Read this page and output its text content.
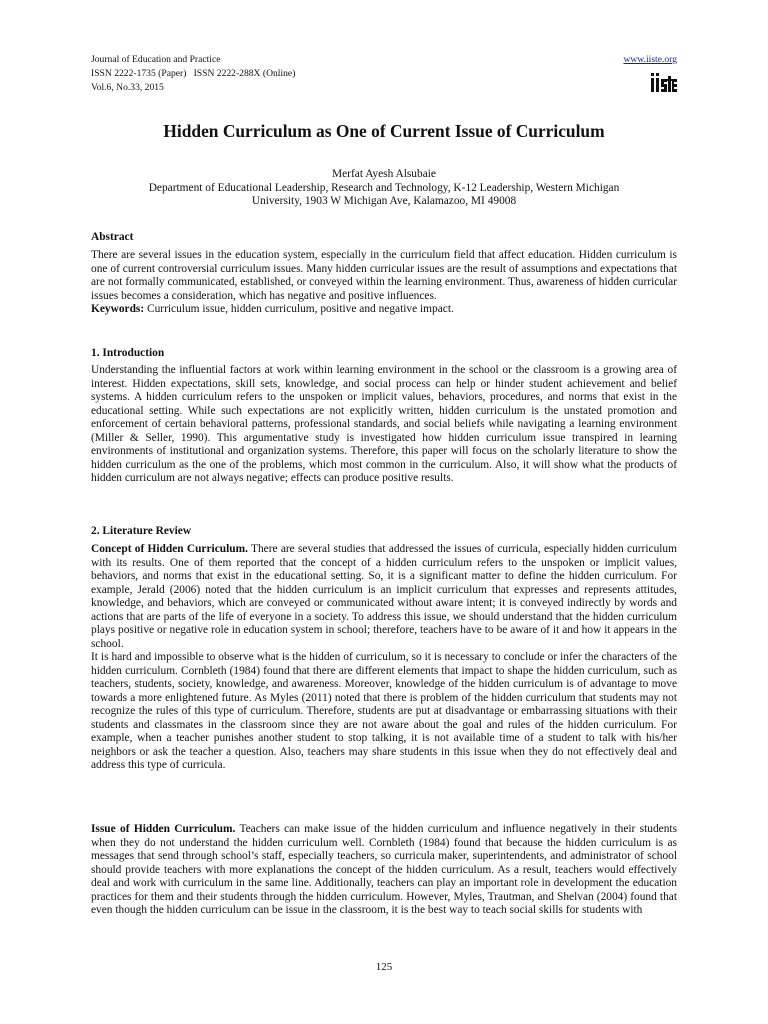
Journal of Education and Practice
ISSN 2222-1735 (Paper)   ISSN 2222-288X (Online)
Vol.6, No.33, 2015
www.iiste.org
Hidden Curriculum as One of Current Issue of Curriculum
Merfat Ayesh Alsubaie
Department of Educational Leadership, Research and Technology, K-12 Leadership, Western Michigan
University, 1903 W Michigan Ave, Kalamazoo, MI 49008
Abstract

There are several issues in the education system, especially in the curriculum field that affect education. Hidden curriculum is one of current controversial curriculum issues. Many hidden curricular issues are the result of assumptions and expectations that are not formally communicated, established, or conveyed within the learning environment. Thus, awareness of hidden curricular issues becomes a consideration, which has negative and positive influences.

Keywords: Curriculum issue, hidden curriculum, positive and negative impact.

1. Introduction

Understanding the influential factors at work within learning environment in the school or the classroom is a growing area of interest. Hidden expectations, skill sets, knowledge, and social process can help or hinder student achievement and belief systems. A hidden curriculum refers to the unspoken or implicit values, behaviors, procedures, and norms that exist in the educational setting. While such expectations are not explicitly written, hidden curriculum is the unstated promotion and enforcement of certain behavioral patterns, professional standards, and social beliefs while navigating a learning environment (Miller & Seller, 1990). This argumentative study is investigated how hidden curriculum issue transpired in learning environments of institutional and organization systems. Therefore, this paper will focus on the scholarly literature to show the hidden curriculum as the one of the problems, which most common in the curriculum. Also, it will show what the products of hidden curriculum are not always negative; effects can produce positive results.

2. Literature Review

Concept of Hidden Curriculum. There are several studies that addressed the issues of curricula, especially hidden curriculum with its results. One of them reported that the concept of a hidden curriculum refers to the unspoken or implicit values, behaviors, and norms that exist in the educational setting. So, it is a significant matter to define the hidden curriculum. For example, Jerald (2006) noted that the hidden curriculum is an implicit curriculum that expresses and represents attitudes, knowledge, and behaviors, which are conveyed or communicated without aware intent; it is conveyed indirectly by words and actions that are parts of the life of everyone in a society. To address this issue, we should understand that the hidden curriculum plays positive or negative role in education system in school; therefore, teachers have to be aware of it and how it appears in the school.

It is hard and impossible to observe what is the hidden of curriculum, so it is necessary to conclude or infer the characters of the hidden curriculum. Cornbleth (1984) found that there are different elements that impact to shape the hidden curriculum, such as teachers, students, society, knowledge, and awareness. Moreover, knowledge of the hidden curriculum is of advantage to move towards a more enlightened future. As Myles (2011) noted that there is problem of the hidden curriculum that students may not recognize the rules of this type of curriculum. Therefore, students are put at disadvantage or embarrassing situations with their students and classmates in the classroom since they are not aware about the goal and rules of the hidden curriculum. For example, when a teacher punishes another student to stop talking, it is not available time of a student to talk with his/her neighbors or ask the teacher a question. Also, teachers may share students in this issue when they do not effectively deal and address this type of curricula.

Issue of Hidden Curriculum. Teachers can make issue of the hidden curriculum and influence negatively in their students when they do not understand the hidden curriculum well. Cornbleth (1984) found that because the hidden curriculum is as messages that send through school’s staff, especially teachers, so curricula maker, superintendents, and administrator of school should provide teachers with more explanations the concept of the hidden curriculum. As a result, teachers would effectively deal and work with curriculum in the same line. Additionally, teachers can play an important role in development the education practices for them and their students through the hidden curriculum. However, Myles, Trautman, and Shelvan (2004) found that even though the hidden curriculum can be issue in the classroom, it is the best way to teach social skills for students with

125
